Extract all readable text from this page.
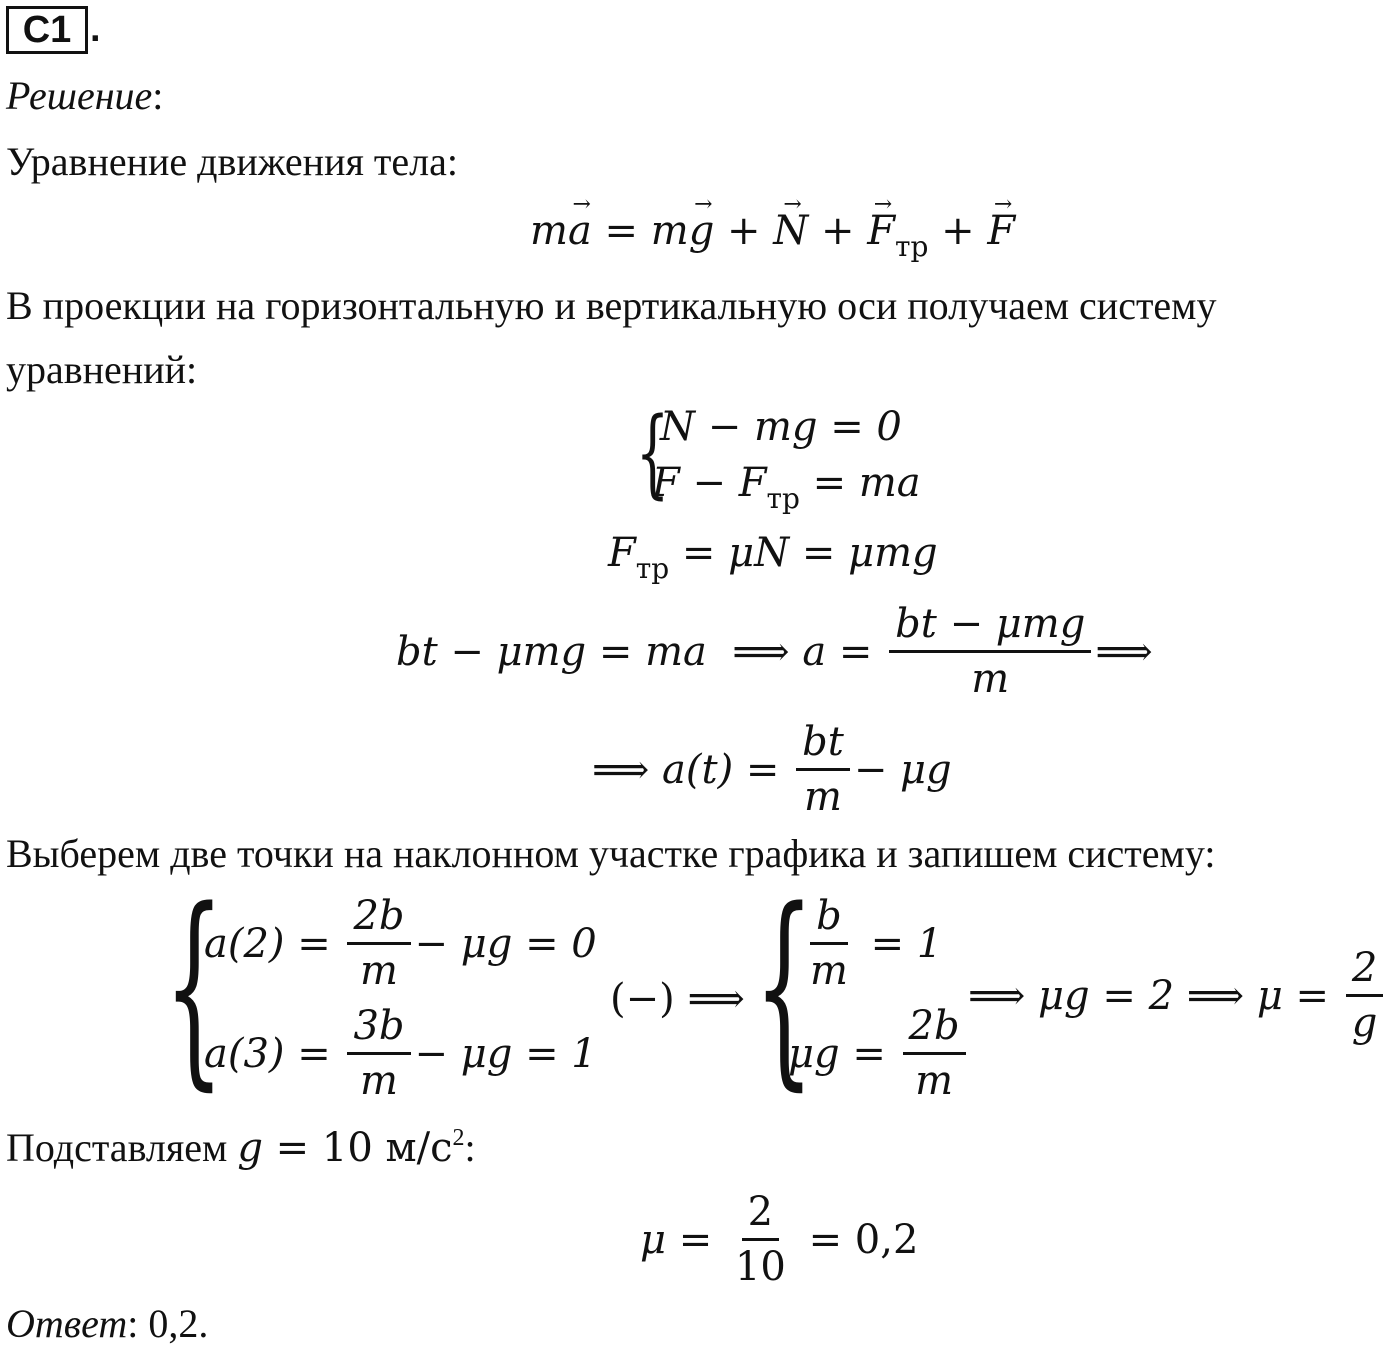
C1 .
Решение:
Уравнение движения тела:
m→ a = m→ g + → N + → $F_{тр}$ + → F
В проекции на горизонтальную и вертикальную оси получаем систему
уравнений:
{
N − mg = 0
$F - F_{тр}$ = ma
$F_{тр} = \mu N = \mu mg$
bt − μmg = ma  ⟹ $a = \frac{\text{bt − μmg}}{m}$ ⟹
⟹ $a(t) = \frac{bt}{m} - \mu g$
Выберем две точки на наклонном участке графика и запишем систему:
{
$a(2) = \frac{2b}{m} - \mu g = 0$
$a(3) = \frac{3b}{m} - \mu g = 1$
(−) ⟹ {
$\frac{b}{m} = 1$
$\mu g = \frac{2b}{m}$
⟹ μg = 2 ⟹ $\mu = \frac{2}{g}$
Подставляем g = 10 $м/с^2$:
$\mu = \frac{2}{10} = 0,2$
Ответ: 0,2.
